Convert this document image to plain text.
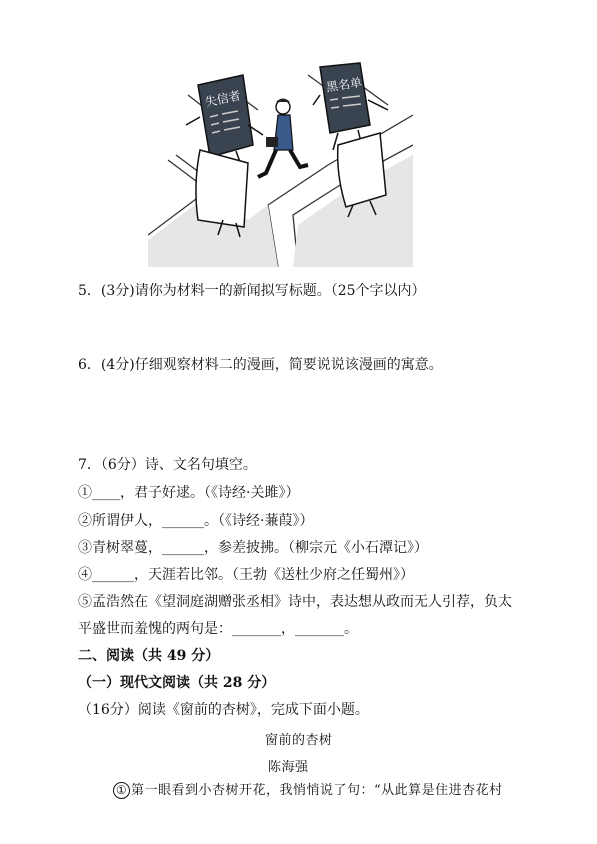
失信者
黑名单
5．(3分)请你为材料一的新闻拟写标题。（25个字以内）
6．(4分)仔细观察材料二的漫画，简要说说该漫画的寓意。
7．（6分）诗、文名句填空。
①____，君子好逑。（《诗经·关雎》）
②所谓伊人，______。（《诗经·蒹葭》）
③青树翠蔓，______，参差披拂。（柳宗元《小石潭记》）
④______，天涯若比邻。（王勃《送杜少府之任蜀州》）
⑤孟浩然在《望洞庭湖赠张丞相》诗中，表达想从政而无人引荐，负太
平盛世而羞愧的两句是：_______，_______。
二、阅读（共 49 分）
（一）现代文阅读（共 28 分）
（16分）阅读《窗前的杏树》，完成下面小题。
窗前的杏树
陈海强
① 第一眼看到小杏树开花，我悄悄说了句：“从此算是住进杏花村
